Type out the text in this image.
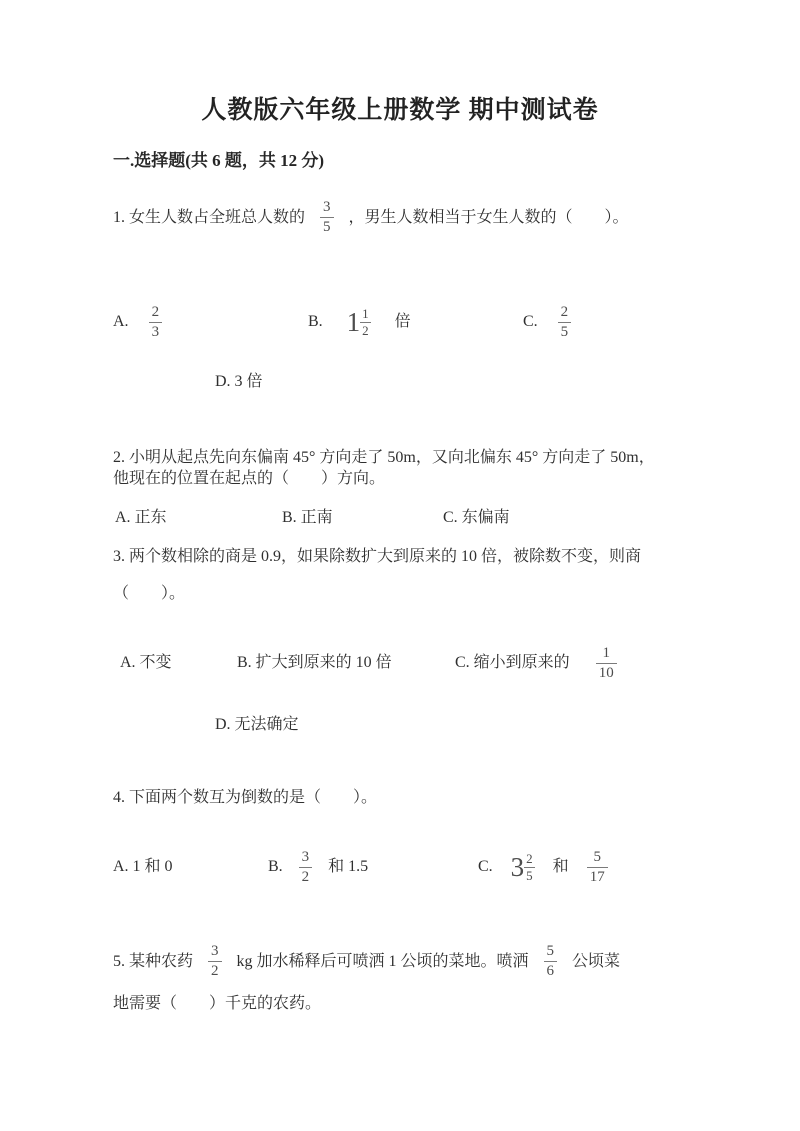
人教版六年级上册数学 期中测试卷
一.选择题(共 6 题，共 12 分)
1. 女生人数占全班总人数的 $\frac{3}{5}$ ，男生人数相当于女生人数的（　　）。
A. $\frac{2}{3}$	B. $1 \frac{1}{2}$ 倍	C. $\frac{2}{5}$
D. 3 倍
2. 小明从起点先向东偏南 45° 方向走了 50m，又向北偏东 45° 方向走了 50m，
他现在的位置在起点的（　　）方向。
A. 正东	B. 正南	C. 东偏南
3. 两个数相除的商是 0.9，如果除数扩大到原来的 10 倍，被除数不变，则商
（　　）。
A. 不变	B. 扩大到原来的 10 倍	C. 缩小到原来的 $\frac{1}{10}$
D. 无法确定
4. 下面两个数互为倒数的是（　　）。
A. 1 和 0	B. $\frac{3}{2}$ 和 1.5	C. $3 \frac{2}{5}$ 和 $\frac{5}{17}$
5. 某种农药 $\frac{3}{2}$ kg 加水稀释后可喷洒 1 公顷的菜地。喷洒 $\frac{5}{6}$ 公顷菜
地需要（　　）千克的农药。
